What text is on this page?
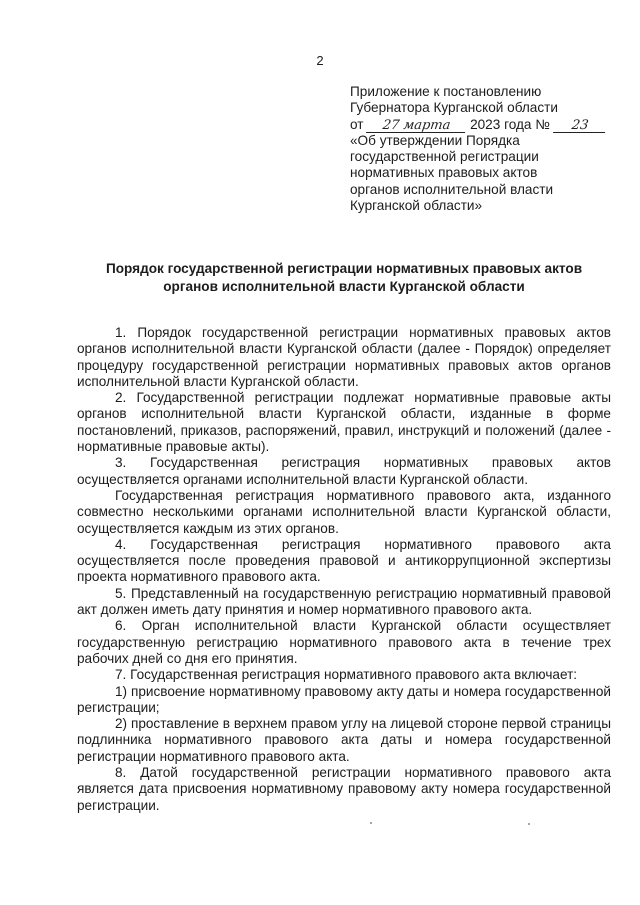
2
Приложение к постановлению
Губернатора Курганской области
от 27 марта 2023 года № 23
«Об утверждении Порядка
государственной регистрации
нормативных правовых актов
органов исполнительной власти
Курганской области»
Порядок государственной регистрации нормативных правовых актов
органов исполнительной власти Курганской области

1. Порядок государственной регистрации нормативных правовых актов органов исполнительной власти Курганской области (далее - Порядок) определяет процедуру государственной регистрации нормативных правовых актов органов исполнительной власти Курганской области.

2. Государственной регистрации подлежат нормативные правовые акты органов исполнительной власти Курганской области, изданные в форме постановлений, приказов, распоряжений, правил, инструкций и положений (далее - нормативные правовые акты).

3. Государственная регистрация нормативных правовых актов осуществляется органами исполнительной власти Курганской области.

Государственная регистрация нормативного правового акта, изданного совместно несколькими органами исполнительной власти Курганской области, осуществляется каждым из этих органов.

4. Государственная регистрация нормативного правового акта осуществляется после проведения правовой и антикоррупционной экспертизы проекта нормативного правового акта.

5. Представленный на государственную регистрацию нормативный правовой акт должен иметь дату принятия и номер нормативного правового акта.

6. Орган исполнительной власти Курганской области осуществляет государственную регистрацию нормативного правового акта в течение трех рабочих дней со дня его принятия.

7. Государственная регистрация нормативного правового акта включает:

1) присвоение нормативному правовому акту даты и номера государственной регистрации;

2) проставление в верхнем правом углу на лицевой стороне первой страницы подлинника нормативного правового акта даты и номера государственной регистрации нормативного правового акта.

8. Датой государственной регистрации нормативного правового акта является дата присвоения нормативному правовому акту номера государственной регистрации.
